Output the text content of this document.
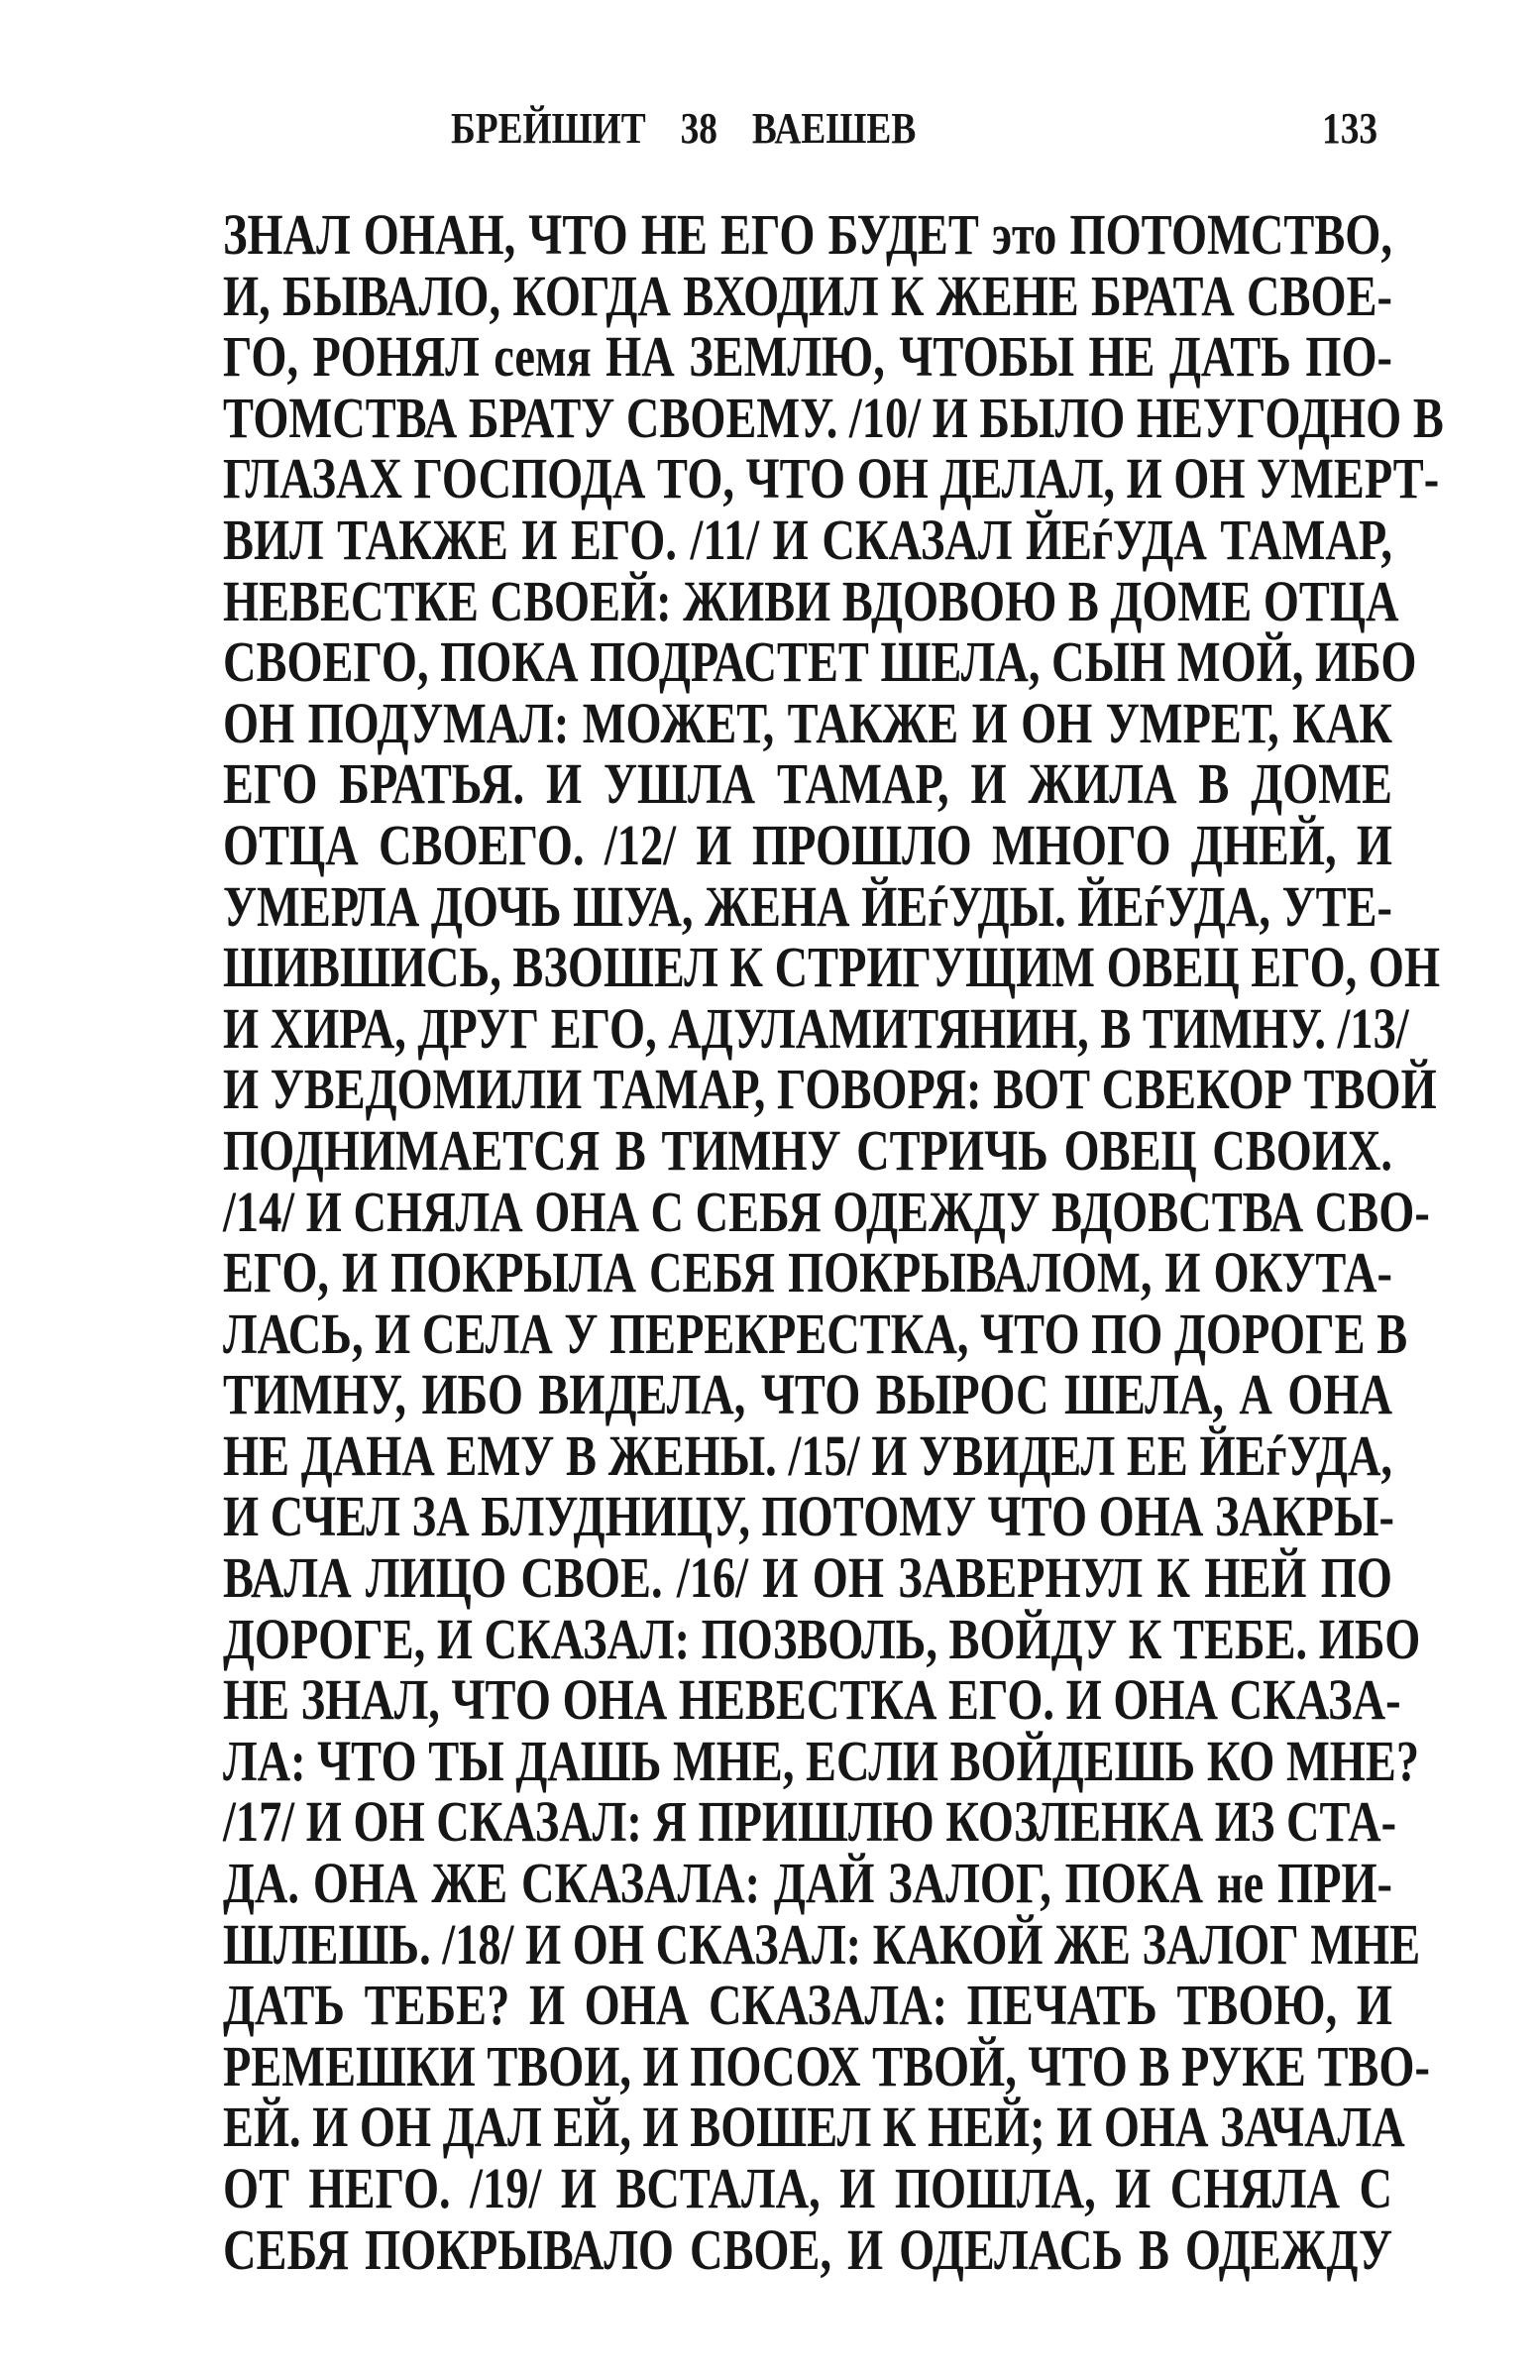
БРЕЙШИТ 38 ВАЕШЕВ	133
ЗНАЛ ОНАН, ЧТО НЕ ЕГО БУДЕТ это ПОТОМСТВО,
И, БЫВАЛО, КОГДА ВХОДИЛ К ЖЕНЕ БРАТА СВОЕ-
ГО, РОНЯЛ семя НА ЗЕМЛЮ, ЧТОБЫ НЕ ДАТЬ ПО-
ТОМСТВА БРАТУ СВОЕМУ. /10/ И БЫЛО НЕУГОДНО В
ГЛАЗАХ ГОСПОДА ТО, ЧТО ОН ДЕЛАЛ, И ОН УМЕРТ-
ВИЛ ТАКЖЕ И ЕГО. /11/ И СКАЗАЛ ЙЕѓУДА ТАМАР,
НЕВЕСТКЕ СВОЕЙ: ЖИВИ ВДОВОЮ В ДОМЕ ОТЦА
СВОЕГО, ПОКА ПОДРАСТЕТ ШЕЛА, СЫН МОЙ, ИБО
ОН ПОДУМАЛ: МОЖЕТ, ТАКЖЕ И ОН УМРЕТ, КАК
ЕГО БРАТЬЯ. И УШЛА ТАМАР, И ЖИЛА В ДОМЕ
ОТЦА СВОЕГО. /12/ И ПРОШЛО МНОГО ДНЕЙ, И
УМЕРЛА ДОЧЬ ШУА, ЖЕНА ЙЕѓУДЫ. ЙЕѓУДА, УТЕ-
ШИВШИСЬ, ВЗОШЕЛ К СТРИГУЩИМ ОВЕЦ ЕГО, ОН
И ХИРА, ДРУГ ЕГО, АДУЛАМИТЯНИН, В ТИМНУ. /13/
И УВЕДОМИЛИ ТАМАР, ГОВОРЯ: ВОТ СВЕКОР ТВОЙ
ПОДНИМАЕТСЯ В ТИМНУ СТРИЧЬ ОВЕЦ СВОИХ.
/14/ И СНЯЛА ОНА С СЕБЯ ОДЕЖДУ ВДОВСТВА СВО-
ЕГО, И ПОКРЫЛА СЕБЯ ПОКРЫВАЛОМ, И ОКУТА-
ЛАСЬ, И СЕЛА У ПЕРЕКРЕСТКА, ЧТО ПО ДОРОГЕ В
ТИМНУ, ИБО ВИДЕЛА, ЧТО ВЫРОС ШЕЛА, А ОНА
НЕ ДАНА ЕМУ В ЖЕНЫ. /15/ И УВИДЕЛ ЕЕ ЙЕѓУДА,
И СЧЕЛ ЗА БЛУДНИЦУ, ПОТОМУ ЧТО ОНА ЗАКРЫ-
ВАЛА ЛИЦО СВОЕ. /16/ И ОН ЗАВЕРНУЛ К НЕЙ ПО
ДОРОГЕ, И СКАЗАЛ: ПОЗВОЛЬ, ВОЙДУ К ТЕБЕ. ИБО
НЕ ЗНАЛ, ЧТО ОНА НЕВЕСТКА ЕГО. И ОНА СКАЗА-
ЛА: ЧТО ТЫ ДАШЬ МНЕ, ЕСЛИ ВОЙДЕШЬ КО МНЕ?
/17/ И ОН СКАЗАЛ: Я ПРИШЛЮ КОЗЛЕНКА ИЗ СТА-
ДА. ОНА ЖЕ СКАЗАЛА: ДАЙ ЗАЛОГ, ПОКА не ПРИ-
ШЛЕШЬ. /18/ И ОН СКАЗАЛ: КАКОЙ ЖЕ ЗАЛОГ МНЕ
ДАТЬ ТЕБЕ? И ОНА СКАЗАЛА: ПЕЧАТЬ ТВОЮ, И
РЕМЕШКИ ТВОИ, И ПОСОХ ТВОЙ, ЧТО В РУКЕ ТВО-
ЕЙ. И ОН ДАЛ ЕЙ, И ВОШЕЛ К НЕЙ; И ОНА ЗАЧАЛА
ОТ НЕГО. /19/ И ВСТАЛА, И ПОШЛА, И СНЯЛА С
СЕБЯ ПОКРЫВАЛО СВОЕ, И ОДЕЛАСЬ В ОДЕЖДУ
